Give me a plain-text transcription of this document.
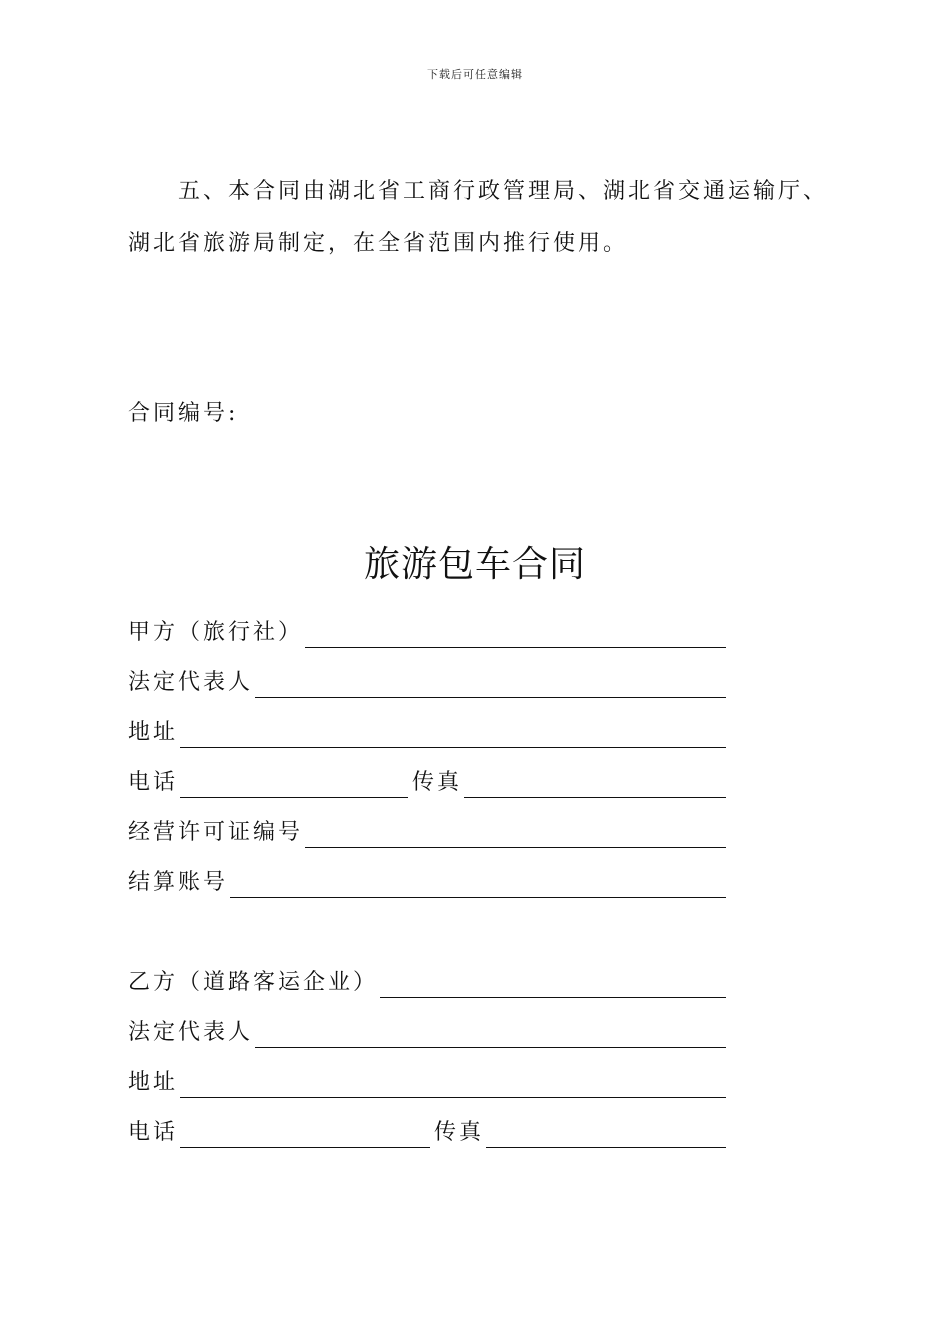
下载后可任意编辑
五、本合同由湖北省工商行政管理局、湖北省交通运输厅、湖北省旅游局制定，在全省范围内推行使用。
合同编号:
旅游包车合同
甲方（旅行社）
法定代表人
地址
电话	传真
经营许可证编号
结算账号
乙方（道路客运企业）
法定代表人
地址
电话	传真
